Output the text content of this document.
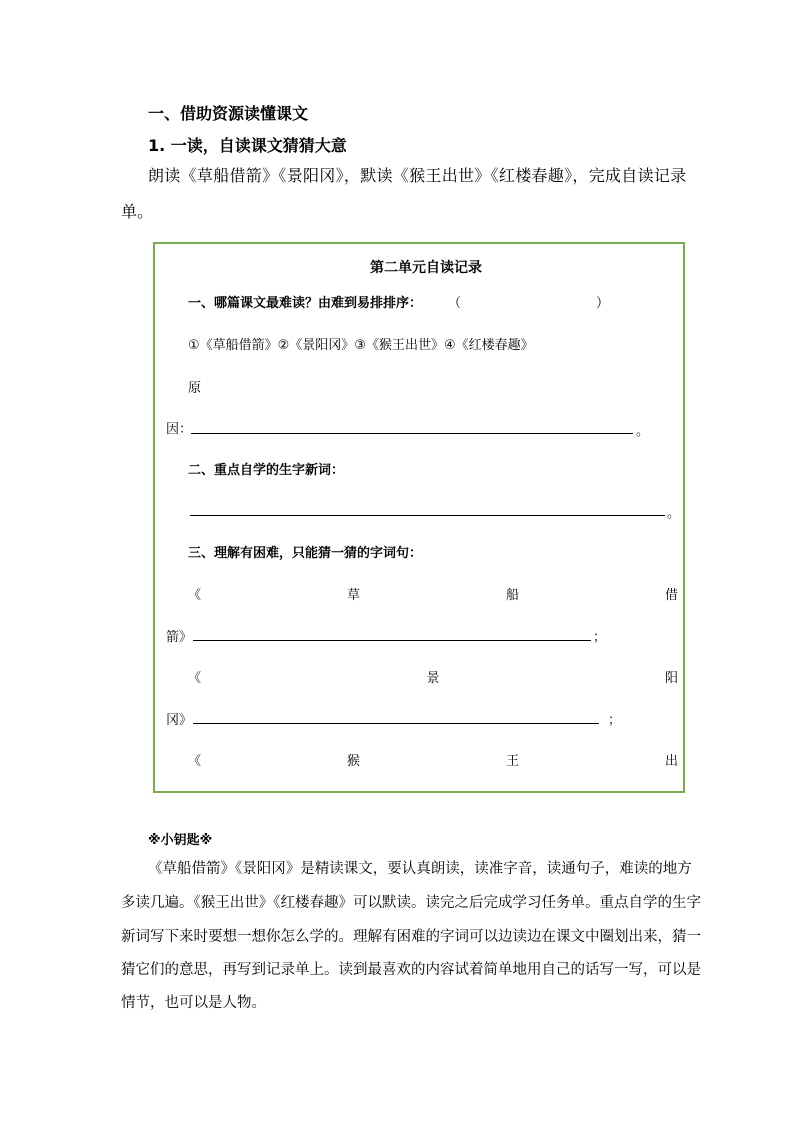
一、借助资源读懂课文
1. 一读，自读课文猜猜大意
朗读《草船借箭》《景阳冈》，默读《猴王出世》《红楼春趣》，完成自读记录
单。
第二单元自读记录
一、哪篇课文最难读？由难到易排排序： （	）
①《草船借箭》②《景阳冈》③《猴王出世》④《红楼春趣》
原
因：	。
二、重点自学的生字新词：
。
三、理解有困难，只能猜一猜的字词句：
《	草	船	借
箭》	；
《	景	阳
冈》	；
《	猴	王	出
※小钥匙※
《草船借箭》《景阳冈》是精读课文，要认真朗读，读准字音，读通句子，难读的地方
多读几遍。《猴王出世》《红楼春趣》可以默读。读完之后完成学习任务单。重点自学的生字
新词写下来时要想一想你怎么学的。理解有困难的字词可以边读边在课文中圈划出来，猜一
猜它们的意思，再写到记录单上。读到最喜欢的内容试着简单地用自己的话写一写，可以是
情节，也可以是人物。
